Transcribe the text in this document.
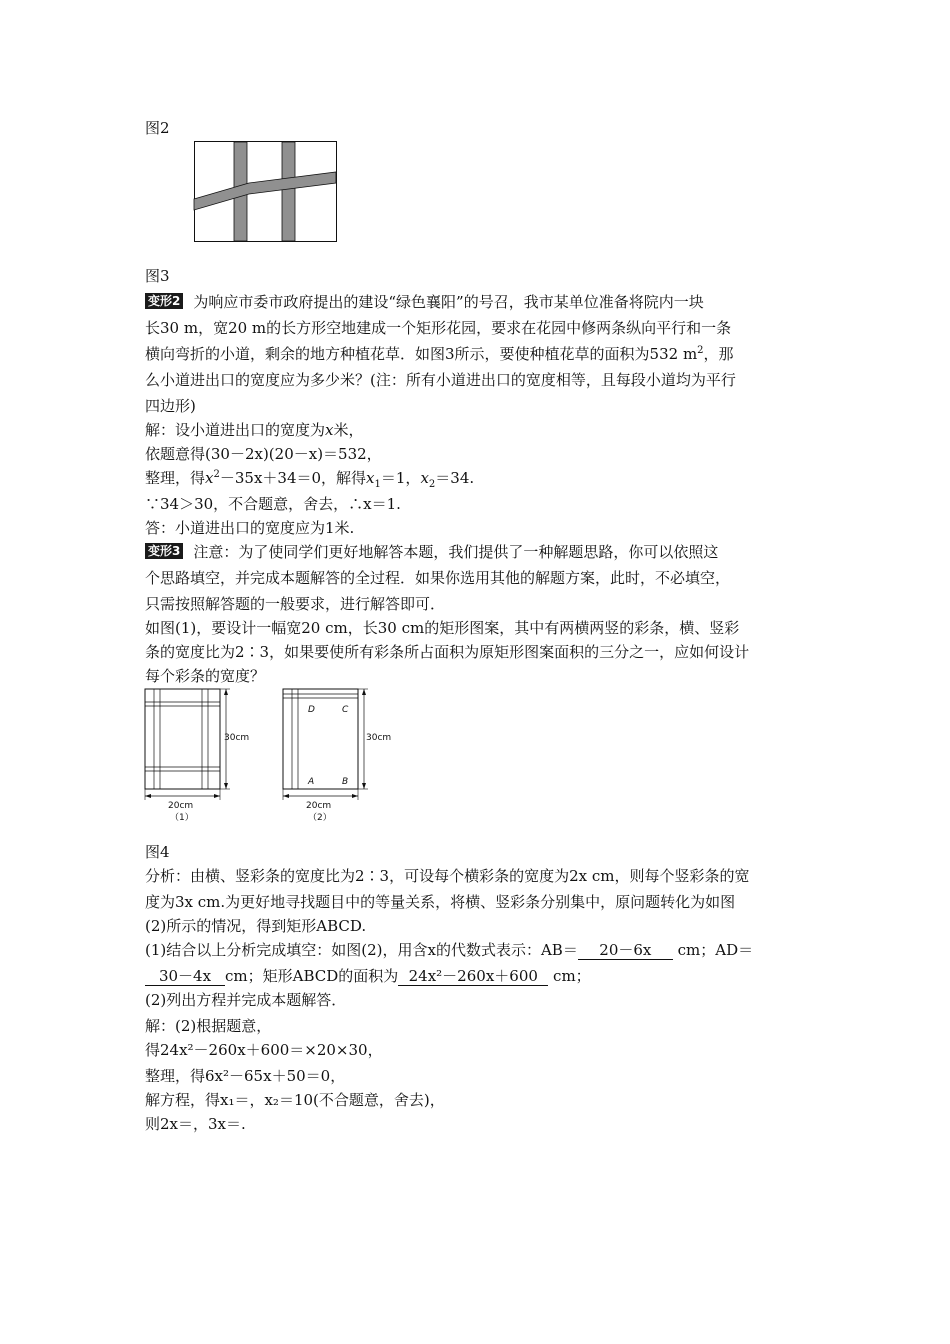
图2
图3
变形2 为响应市委市政府提出的建设“绿色襄阳”的号召，我市某单位准备将院内一块
长30 m，宽20 m的长方形空地建成一个矩形花园，要求在花园中修两条纵向平行和一条
横向弯折的小道，剩余的地方种植花草．如图3所示，要使种植花草的面积为532 $m^2$，那
么小道进出口的宽度应为多少米？(注：所有小道进出口的宽度相等，且每段小道均为平行
四边形)
解：设小道进出口的宽度为x米，
依题意得(30－2x)(20－x)＝532，
整理，得$x^2-35x+34=0$，解得$x_1=1$，$x_2=34$.
∵34＞30，不合题意，舍去，∴x＝1.
答：小道进出口的宽度应为1米.
变形3 注意：为了使同学们更好地解答本题，我们提供了一种解题思路，你可以依照这
个思路填空，并完成本题解答的全过程．如果你选用其他的解题方案，此时，不必填空，
只需按照解答题的一般要求，进行解答即可．
如图(1)，要设计一幅宽20 cm，长30 cm的矩形图案，其中有两横两竖的彩条，横、竖彩
条的宽度比为2∶3，如果要使所有彩条所占面积为原矩形图案面积的三分之一，应如何设计
每个彩条的宽度？
30cm
20cm
（1）
D	C
A	B
30cm
20cm
（2）
图4
分析：由横、竖彩条的宽度比为2∶3，可设每个横彩条的宽度为2x cm，则每个竖彩条的宽
度为3x cm.为更好地寻找题目中的等量关系，将横、竖彩条分别集中，原问题转化为如图
(2)所示的情况，得到矩形ABCD.
(1)结合以上分析完成填空：如图(2)，用含x的代数式表示：AB＝ 20－6x cm；AD＝
30－4x cm；矩形ABCD的面积为 24x²－260x＋600 cm；
(2)列出方程并完成本题解答．
解：(2)根据题意，
得24x²－260x＋600＝×20×30，
整理，得6x²－65x＋50＝0，
解方程，得x₁＝，x₂＝10(不合题意，舍去)，
则2x＝，3x＝.
